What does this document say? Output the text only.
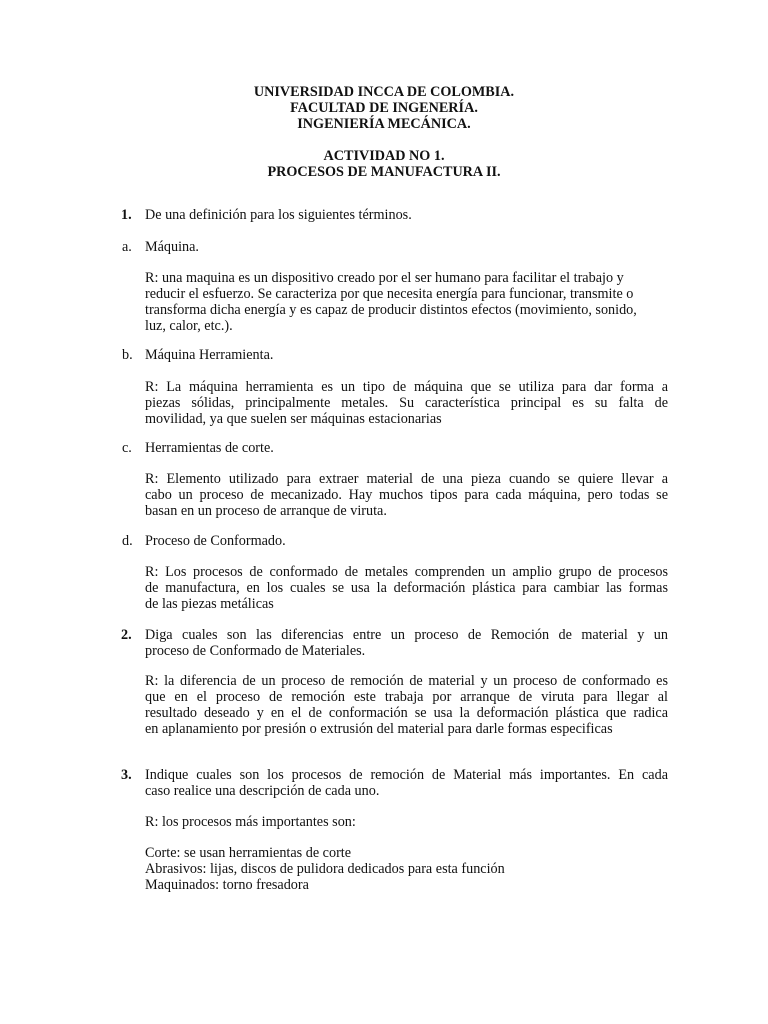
UNIVERSIDAD INCCA DE COLOMBIA.
FACULTAD DE INGENERÍA.
INGENIERÍA MECÁNICA.
ACTIVIDAD NO 1.
PROCESOS DE MANUFACTURA II.
1. De una definición para los siguientes términos.
a. Máquina.
R: una maquina es un dispositivo creado por el ser humano para facilitar el trabajo y
reducir el esfuerzo. Se caracteriza por que necesita energía para funcionar, transmite o
transforma dicha energía y es capaz de producir distintos efectos (movimiento, sonido,
luz, calor, etc.).
b. Máquina Herramienta.
R: La máquina herramienta es un tipo de máquina que se utiliza para dar forma a
piezas sólidas, principalmente metales. Su característica principal es su falta de
movilidad, ya que suelen ser máquinas estacionarias
c. Herramientas de corte.
R: Elemento utilizado para extraer material de una pieza cuando se quiere llevar a
cabo un proceso de mecanizado. Hay muchos tipos para cada máquina, pero todas se
basan en un proceso de arranque de viruta.
d. Proceso de Conformado.
R: Los procesos de conformado de metales comprenden un amplio grupo de procesos
de manufactura, en los cuales se usa la deformación plástica para cambiar las formas
de las piezas metálicas
2. Diga cuales son las diferencias entre un proceso de Remoción de material y un
proceso de Conformado de Materiales.
R: la diferencia de un proceso de remoción de material y un proceso de conformado es
que en el proceso de remoción este trabaja por arranque de viruta para llegar al
resultado deseado y en el de conformación se usa la deformación plástica que radica
en aplanamiento por presión o extrusión del material para darle formas especificas
3. Indique cuales son los procesos de remoción de Material más importantes. En cada
caso realice una descripción de cada uno.
R: los procesos más importantes son:
Corte: se usan herramientas de corte
Abrasivos: lijas, discos de pulidora dedicados para esta función
Maquinados: torno fresadora
